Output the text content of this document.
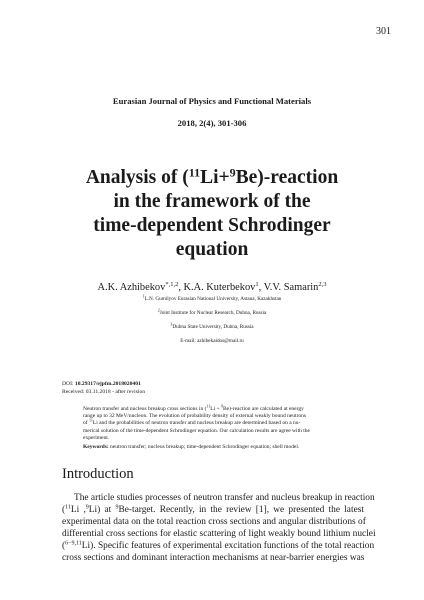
301
Eurasian Journal of Physics and Functional Materials
2018, 2(4), 301-306
Analysis of ($^{11}$Li+$^9$Be)-reaction
in the framework of the
time-dependent Schrodinger
equation
A.K. Azhibekov$^{*,1,2}$, K.A. Kuterbekov$^1$, V.V. Samarin$^{2,3}$
$^1$L.N. Gumilyov Eurasian National University, Astana, Kazakhstan
$^2$Joint Institute for Nuclear Research, Dubna, Russia
$^3$Dubna State University, Dubna, Russia
E-mail: azhibekaidos@mail.ru
DOI: 10.29317/ejpfm.2018020401
Received: 03.11.2018 - after revision
Neutron transfer and nucleus breakup cross sections in ($^{11}$Li + $^9$Be)-reaction are calculated at energy
range up to 32 MeV/nucleon. The evolution of probability density of external weakly bound neutrons
of $^{11}$Li and the probabilities of neutron transfer and nucleus breakup are determined based on a nu-
merical solution of the time-dependent Schrodinger equation. Our calculation results are agree with the
experiment.
Keywords: neutron transfer; nucleus breakup; time-dependent Schrodinger equation; shell model.
Introduction
The article studies processes of neutron transfer and nucleus breakup in reaction
($^{11}$Li ,$^9$Li) at $^9$Be-target. Recently, in the review [1], we presented the latest
experimental data on the total reaction cross sections and angular distributions of
differential cross sections for elastic scattering of light weakly bound lithium nuclei
($^{6-9,11}$Li). Specific features of experimental excitation functions of the total reaction
cross sections and dominant interaction mechanisms at near-barrier energies was
